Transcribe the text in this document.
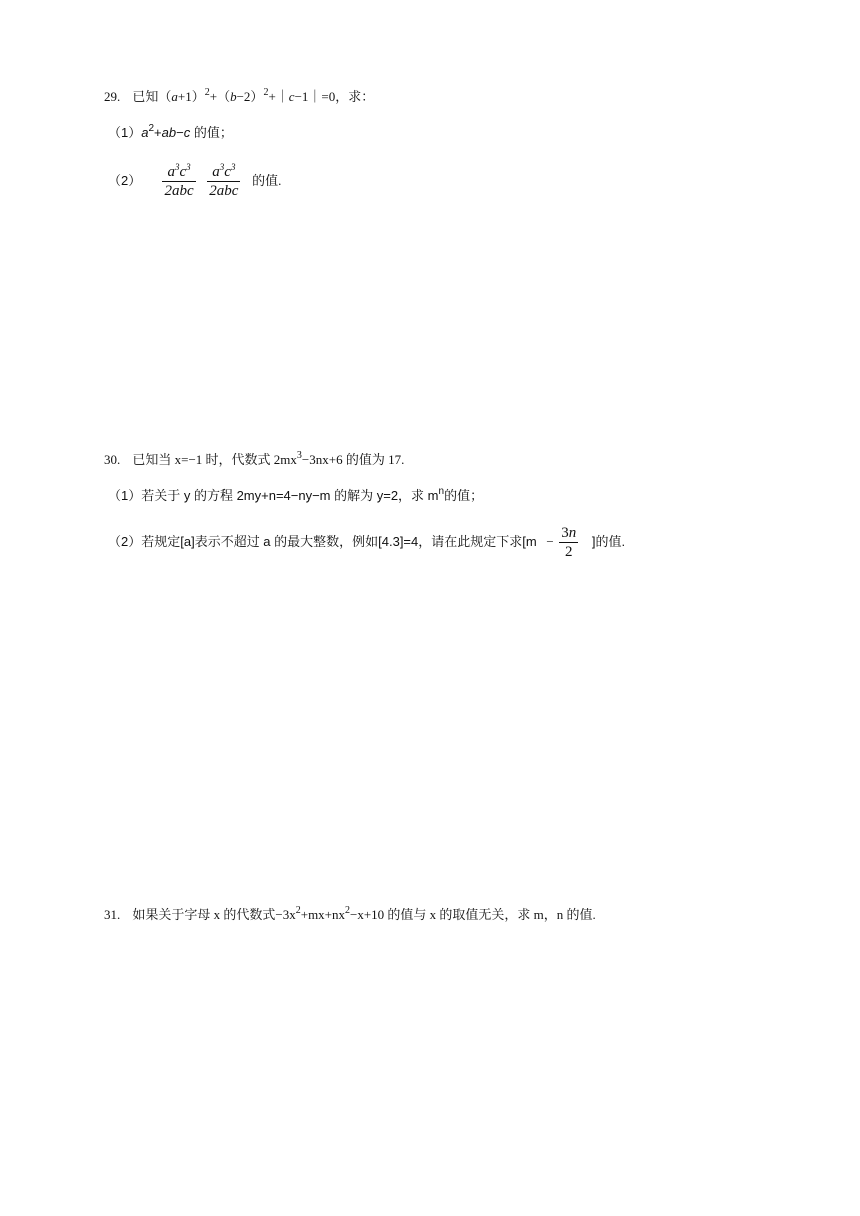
29. 已知$(a+1)^2+(b-2)^2+|c-1|=0$，求：
$(1)a^2+ab-c$ 的值；
$(2) \frac{a^3c^3}{\text{2abc}}$
$\frac{a^3c^3}{\text{2abc}}$ 的值.
30. 已知当 x=−1 时，代数式 $2mx^3-3nx+6$ 的值为 17.
（1）若关于 y 的方程 2my+n=4−ny−m 的解为 y=2，求 $m^n$的值；
（2）若规定[a]表示不超过 a 的最大整数，例如[4.3]=4，请在此规定下求[$m - \frac{3n}{2}$ ]的值.
31. 如果关于字母 x 的代数式$-3x^2+mx+nx^2-x+10$ 的值与 x 的取值无关，求 m，n 的值.
